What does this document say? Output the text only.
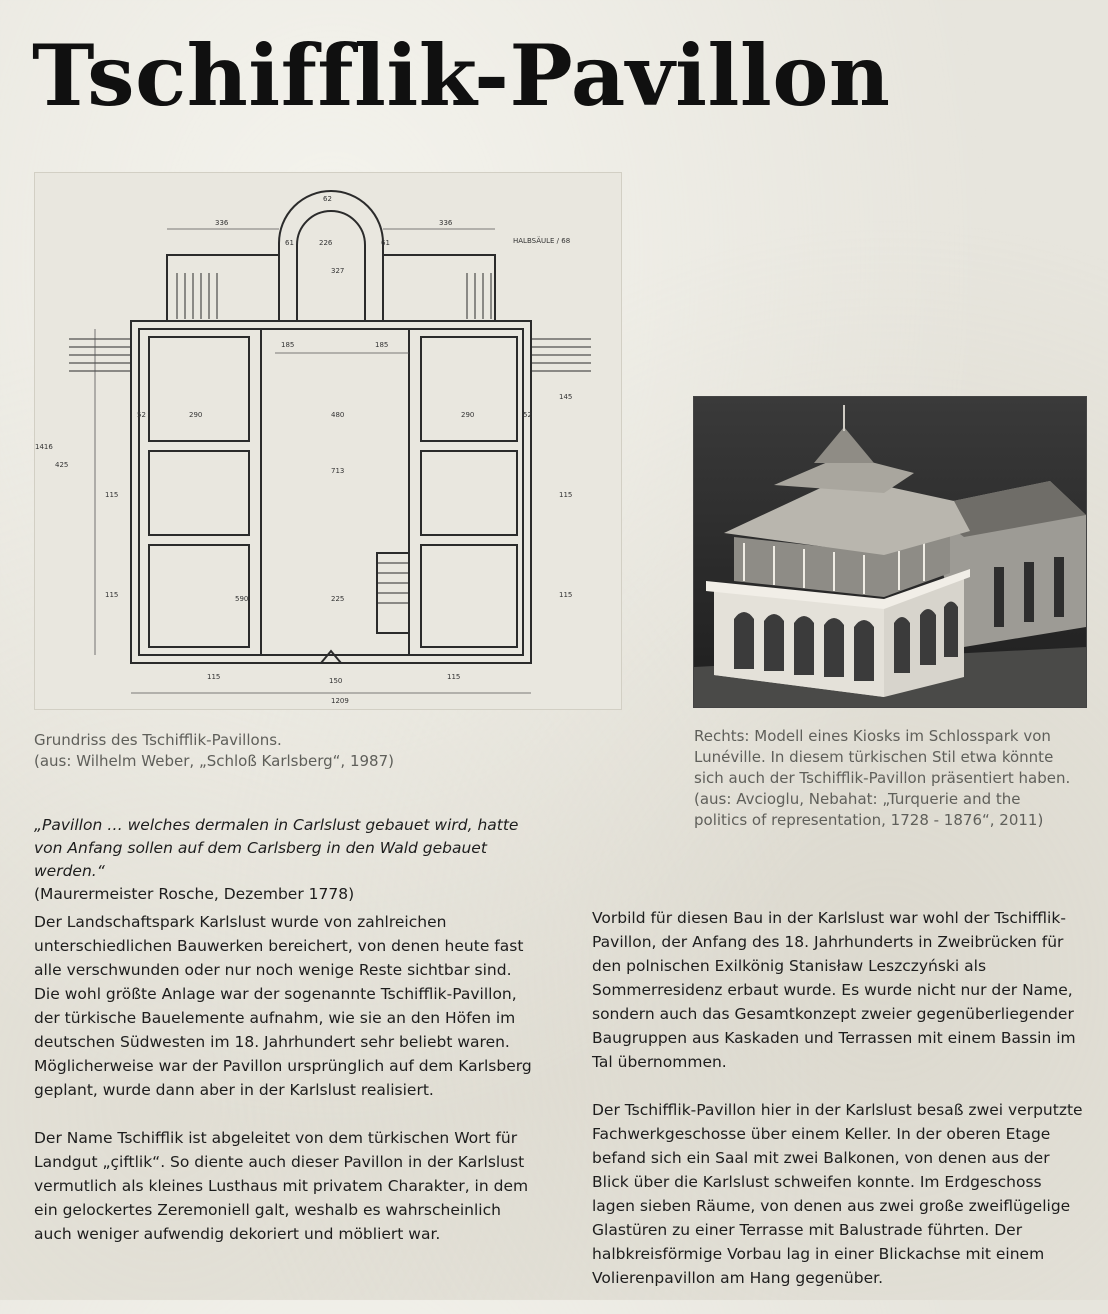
Tschifflik-Pavillon
62
336	336
HALBSÄULE / 68
61	226	61
327
185	185
290	480	290
52	52
145
1416
425
713
115	115
115	115
590	225
115	150	115
1209
Grundriss des Tschifflik-Pavillons.
(aus: Wilhelm Weber, „Schloß Karlsberg“, 1987)
Rechts: Modell eines Kiosks im Schlosspark von Lunéville. In diesem türkischen Stil etwa könnte sich auch der Tschifflik-Pavillon präsentiert haben. (aus: Avcioglu, Nebahat: „Turquerie and the politics of representation, 1728 - 1876“, 2011)
„Pavillon … welches dermalen in Carlslust gebauet wird, hatte von Anfang sollen auf dem Carlsberg in den Wald gebauet werden.“
(Maurermeister Rosche, Dezember 1778)

Der Landschaftspark Karlslust wurde von zahlreichen unterschiedlichen Bauwerken bereichert, von denen heute fast alle verschwunden oder nur noch wenige Reste sichtbar sind. Die wohl größte Anlage war der sogenannte Tschifflik-Pavillon, der türkische Bauelemente aufnahm, wie sie an den Höfen im deutschen Südwesten im 18. Jahrhundert sehr beliebt waren. Möglicherweise war der Pavillon ursprünglich auf dem Karlsberg geplant, wurde dann aber in der Karlslust realisiert.

Der Name Tschifflik ist abgeleitet von dem türkischen Wort für Landgut „çiftlik“. So diente auch dieser Pavillon in der Karlslust vermutlich als kleines Lusthaus mit privatem Charakter, in dem ein gelockertes Zeremoniell galt, weshalb es wahrscheinlich auch weniger aufwendig dekoriert und möbliert war.

Vorbild für diesen Bau in der Karlslust war wohl der Tschifflik-Pavillon, der Anfang des 18. Jahrhunderts in Zweibrücken für den polnischen Exilkönig Stanisław Leszczyński als Sommerresidenz erbaut wurde. Es wurde nicht nur der Name, sondern auch das Gesamtkonzept zweier gegenüberliegender Baugruppen aus Kaskaden und Terrassen mit einem Bassin im Tal übernommen.

Der Tschifflik-Pavillon hier in der Karlslust besaß zwei verputzte Fachwerkgeschosse über einem Keller. In der oberen Etage befand sich ein Saal mit zwei Balkonen, von denen aus der Blick über die Karlslust schweifen konnte. Im Erdgeschoss lagen sieben Räume, von denen aus zwei große zweiflügelige Glastüren zu einer Terrasse mit Balustrade führten. Der halbkreisförmige Vorbau lag in einer Blickachse mit einem Volierenpavillon am Hang gegenüber.
